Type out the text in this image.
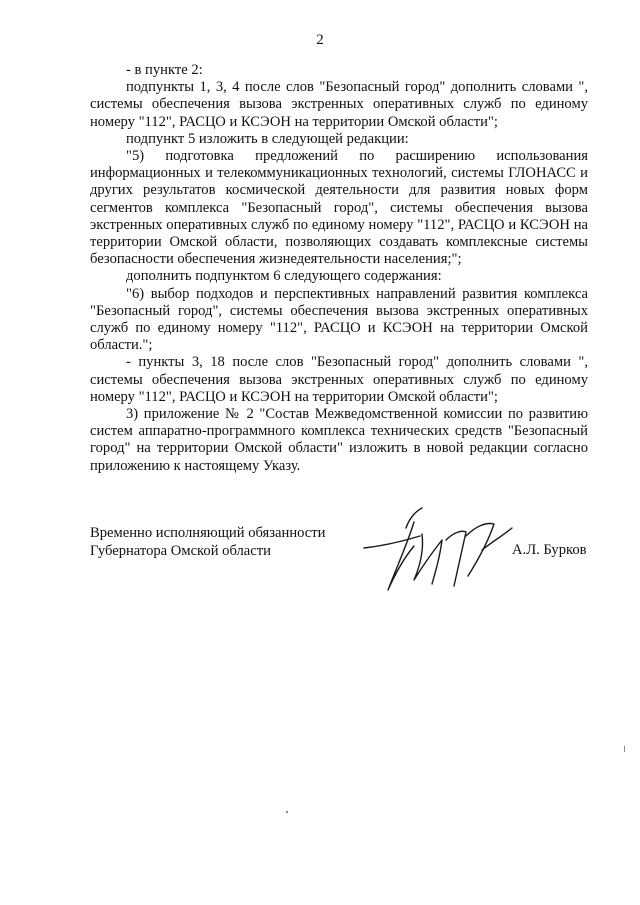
2

- в пункте 2:

подпункты 1, 3, 4 после слов "Безопасный город" дополнить словами ", системы обеспечения вызова экстренных оперативных служб по единому номеру "112", РАСЦО и КСЭОН на территории Омской области";

подпункт 5 изложить в следующей редакции:

"5) подготовка предложений по расширению использования информационных и телекоммуникационных технологий, системы ГЛОНАСС и других результатов космической деятельности для развития новых форм сегментов комплекса "Безопасный город", системы обеспечения вызова экстренных оперативных служб по единому номеру "112", РАСЦО и КСЭОН на территории Омской области, позволяющих создавать комплексные системы безопасности обеспечения жизнедеятельности населения;";

дополнить подпунктом 6 следующего содержания:

"6) выбор подходов и перспективных направлений развития комплекса "Безопасный город", системы обеспечения вызова экстренных оперативных служб по единому номеру "112", РАСЦО и КСЭОН на территории Омской области.";

- пункты 3, 18 после слов "Безопасный город" дополнить словами ", системы обеспечения вызова экстренных оперативных служб по единому номеру "112", РАСЦО и КСЭОН на территории Омской области";

3) приложение № 2 "Состав Межведомственной комиссии по развитию систем аппаратно-программного комплекса технических средств "Безопасный город" на территории Омской области" изложить в новой редакции согласно приложению к настоящему Указу.

Временно исполняющий обязанности
Губернатора Омской области	А.Л. Бурков
